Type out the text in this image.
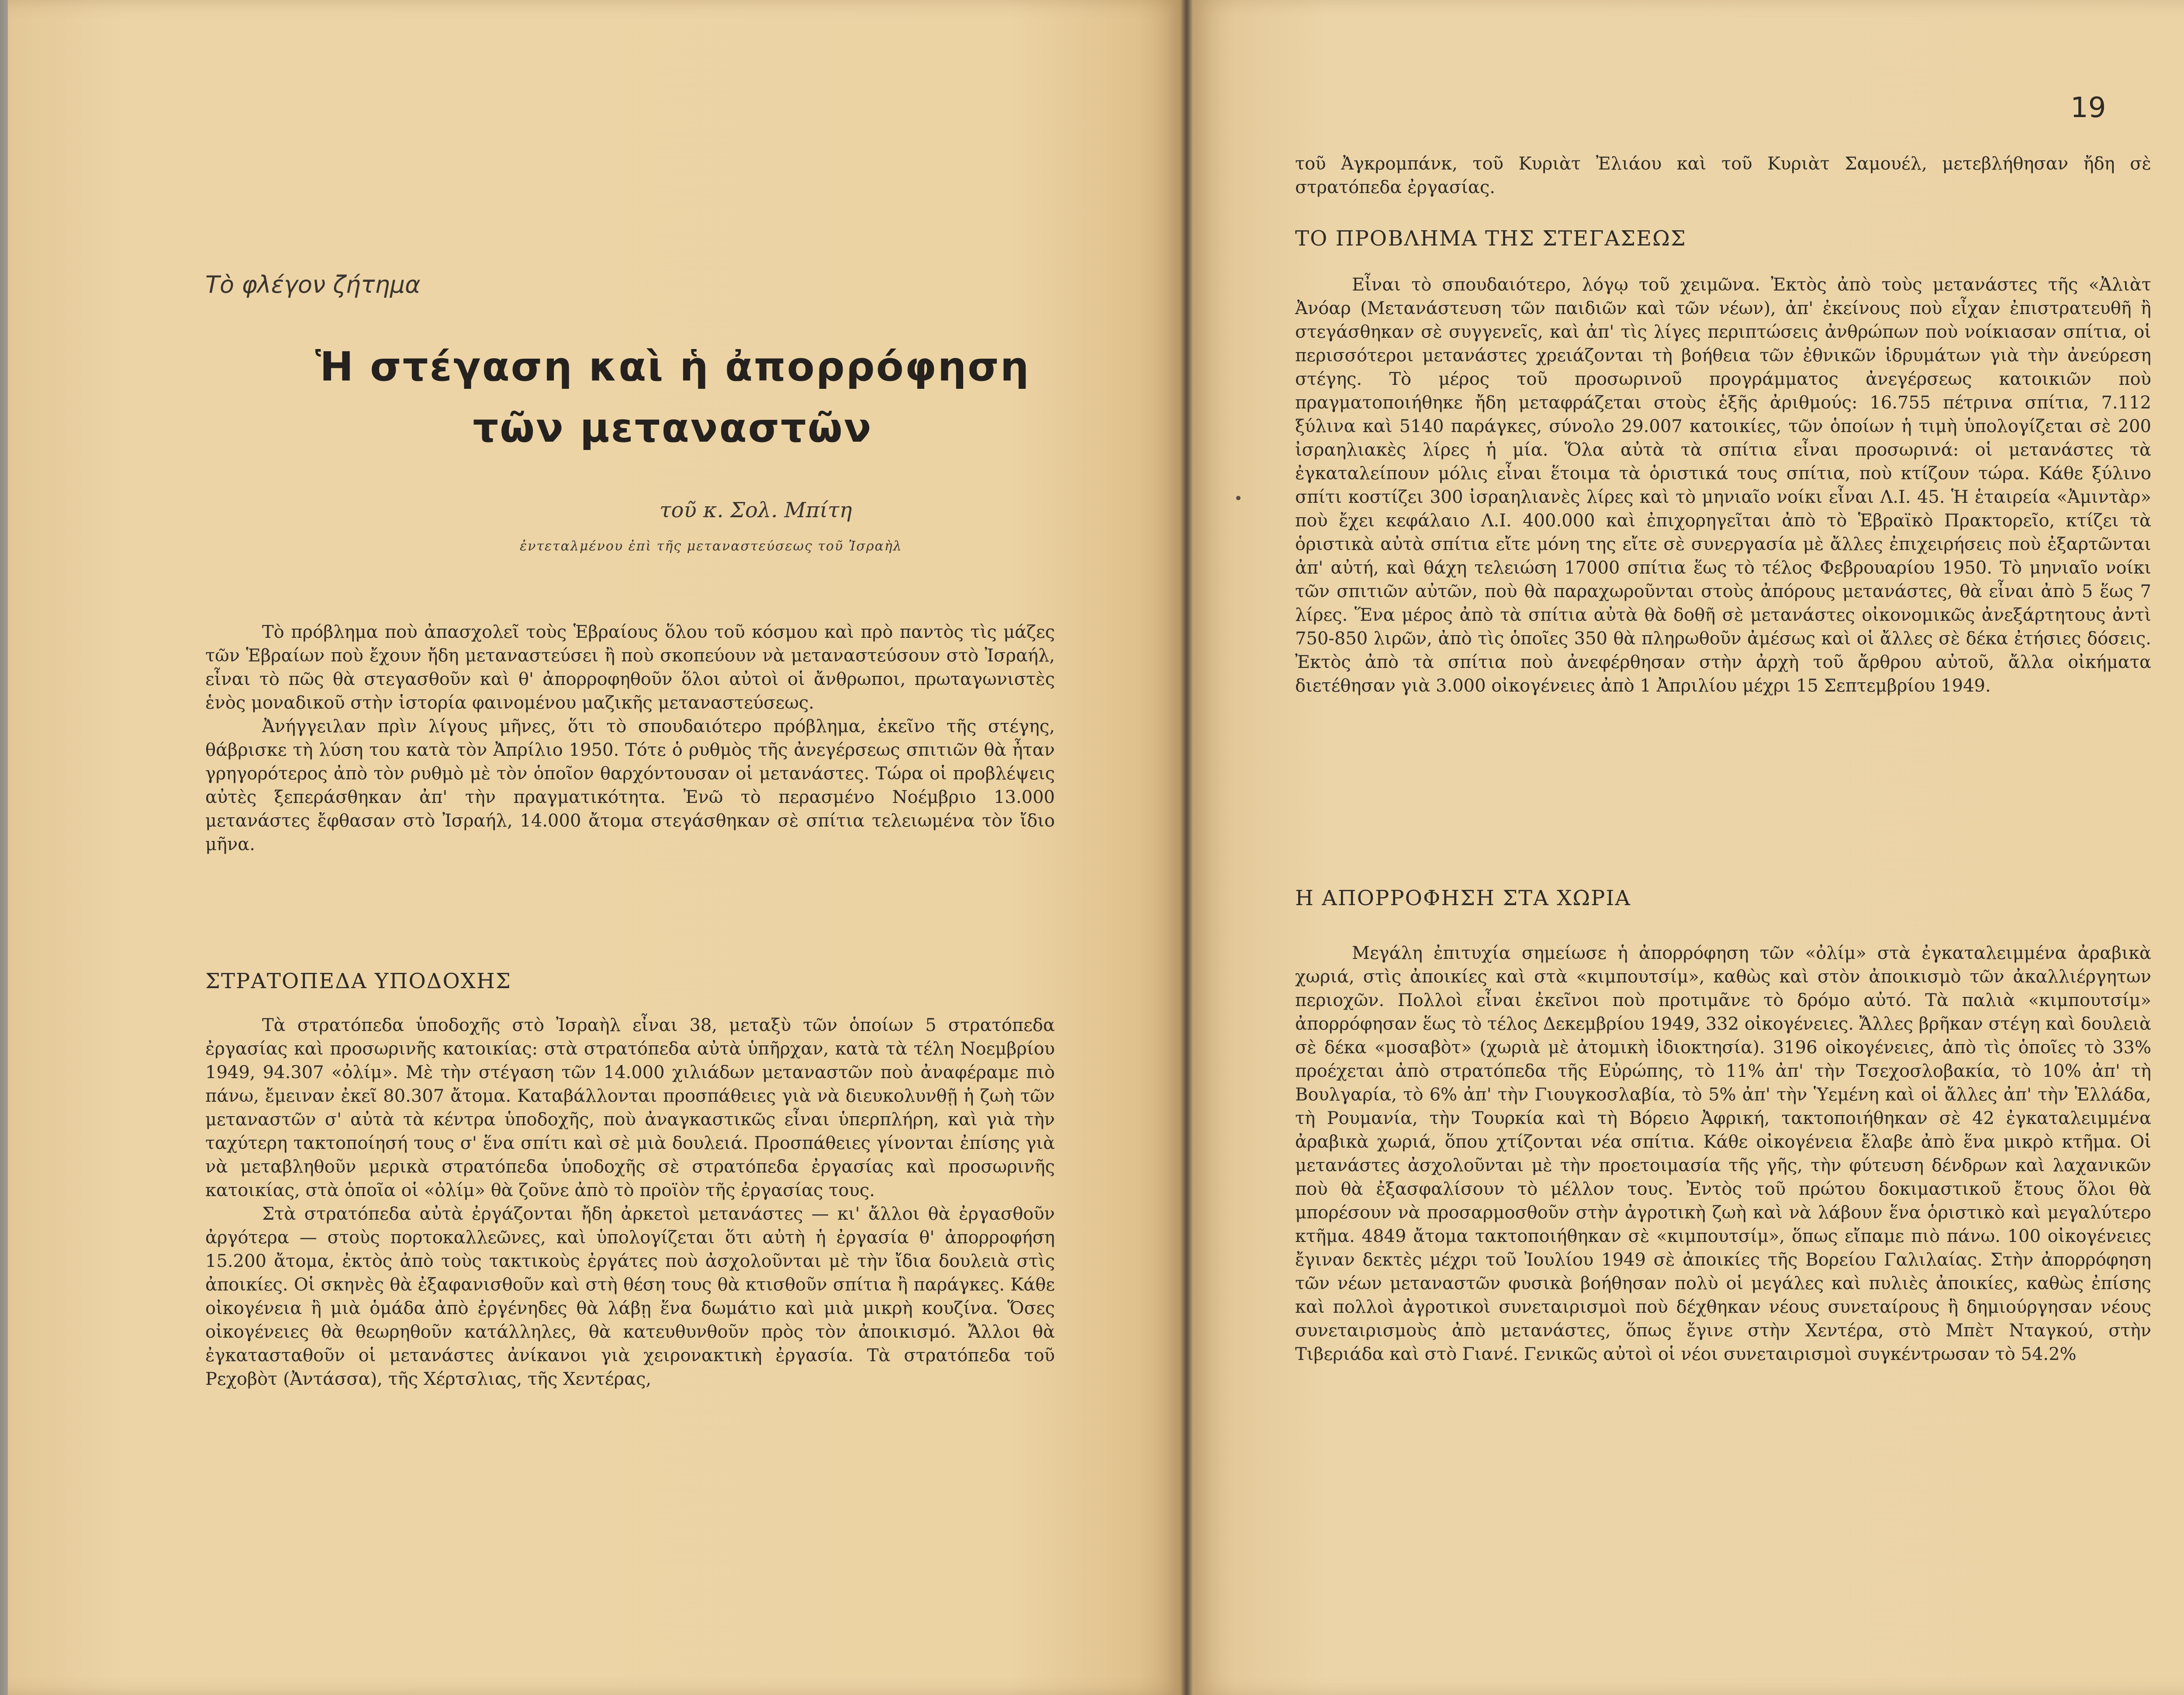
Τὸ φλέγον ζήτημα
Ἡ στέγαση καὶ ἡ ἀπορρόφηση
τῶν μεταναστῶν
τοῦ κ. Σολ. Μπίτη
ἐντεταλμένου ἐπὶ τῆς μεταναστεύσεως τοῦ Ἰσραὴλ

Τὸ πρόβλημα ποὺ ἀπασχολεῖ τοὺς Ἑβραίους ὅλου τοῦ κόσμου καὶ πρὸ παντὸς τὶς μάζες τῶν Ἑβραίων ποὺ ἔχουν ἤδη μεταναστεύσει ἢ ποὺ σκοπεύουν νὰ μεταναστεύσουν στὸ Ἰσραήλ, εἶναι τὸ πῶς θὰ στεγασθοῦν καὶ θ' ἀπορροφηθοῦν ὅλοι αὐτοὶ οἱ ἄνθρωποι, πρωταγωνιστὲς ἑνὸς μοναδικοῦ στὴν ἱστορία φαινομένου μαζικῆς μεταναστεύσεως.

Ἀνήγγειλαν πρὶν λίγους μῆνες, ὅτι τὸ σπουδαιότερο πρόβλημα, ἐκεῖνο τῆς στέγης, θάβρισκε τὴ λύση του κατὰ τὸν Ἀπρίλιο 1950. Τότε ὁ ρυθμὸς τῆς ἀνεγέρσεως σπιτιῶν θὰ ἦταν γρηγορότερος ἀπὸ τὸν ρυθμὸ μὲ τὸν ὁποῖον θαρχόντουσαν οἱ μετανάστες. Τώρα οἱ προβλέψεις αὐτὲς ξεπεράσθηκαν ἀπ' τὴν πραγματικότητα. Ἐνῶ τὸ περασμένο Νοέμβριο 13.000 μετανάστες ἔφθασαν στὸ Ἰσραήλ, 14.000 ἄτομα στεγάσθηκαν σὲ σπίτια τελειωμένα τὸν ἴδιο μῆνα.

ΣΤΡΑΤΟΠΕΔΑ ΥΠΟΔΟΧΗΣ

Τὰ στρατόπεδα ὑποδοχῆς στὸ Ἰσραὴλ εἶναι 38, μεταξὺ τῶν ὁποίων 5 στρατόπεδα ἐργασίας καὶ προσωρινῆς κατοικίας: στὰ στρατόπεδα αὐτὰ ὑπῆρχαν, κατὰ τὰ τέλη Νοεμβρίου 1949, 94.307 «ὀλίμ». Μὲ τὴν στέγαση τῶν 14.000 χιλιάδων μεταναστῶν ποὺ ἀναφέραμε πιὸ πάνω, ἔμειναν ἐκεῖ 80.307 ἄτομα. Καταβάλλονται προσπάθειες γιὰ νὰ διευκολυνθῇ ἡ ζωὴ τῶν μεταναστῶν σ' αὐτὰ τὰ κέντρα ὑποδοχῆς, ποὺ ἀναγκαστικῶς εἶναι ὑπερπλήρη, καὶ γιὰ τὴν ταχύτερη τακτοποίησή τους σ' ἕνα σπίτι καὶ σὲ μιὰ δουλειά. Προσπάθειες γίνονται ἐπίσης γιὰ νὰ μεταβληθοῦν μερικὰ στρατόπεδα ὑποδοχῆς σὲ στρατόπεδα ἐργασίας καὶ προσωρινῆς κατοικίας, στὰ ὁποῖα οἱ «ὀλίμ» θὰ ζοῦνε ἀπὸ τὸ προϊὸν τῆς ἐργασίας τους.

Στὰ στρατόπεδα αὐτὰ ἐργάζονται ἤδη ἀρκετοὶ μετανάστες — κι' ἄλλοι θὰ ἐργασθοῦν ἀργότερα — στοὺς πορτοκαλλεῶνες, καὶ ὑπολογίζεται ὅτι αὐτὴ ἡ ἐργασία θ' ἀπορροφήση 15.200 ἄτομα, ἐκτὸς ἀπὸ τοὺς τακτικοὺς ἐργάτες ποὺ ἀσχολοῦνται μὲ τὴν ἴδια δουλειὰ στὶς ἀποικίες. Οἱ σκηνὲς θὰ ἐξαφανισθοῦν καὶ στὴ θέση τους θὰ κτισθοῦν σπίτια ἢ παράγκες. Κάθε οἰκογένεια ἢ μιὰ ὁμάδα ἀπὸ ἐργένηδες θὰ λάβῃ ἕνα δωμάτιο καὶ μιὰ μικρὴ κουζίνα. Ὅσες οἰκογένειες θὰ θεωρηθοῦν κατάλληλες, θὰ κατευθυνθοῦν πρὸς τὸν ἀποικισμό. Ἄλλοι θὰ ἐγκατασταθοῦν οἱ μετανάστες ἀνίκανοι γιὰ χειρονακτικὴ ἐργασία. Τὰ στρατόπεδα τοῦ Ρεχοβὸτ (Ἀντάσσα), τῆς Χέρτσλιας, τῆς Χεντέρας,

19

τοῦ Ἀγκρομπάνκ, τοῦ Κυριὰτ Ἐλιάου καὶ τοῦ Κυριὰτ Σαμουέλ, μετεβλήθησαν ἤδη σὲ στρατόπεδα ἐργασίας.

ΤΟ ΠΡΟΒΛΗΜΑ ΤΗΣ ΣΤΕΓΑΣΕΩΣ

Εἶναι τὸ σπουδαιότερο, λόγῳ τοῦ χειμῶνα. Ἐκτὸς ἀπὸ τοὺς μετανάστες τῆς «Ἀλιὰτ Ἀνόαρ (Μετανάστευση τῶν παιδιῶν καὶ τῶν νέων), ἀπ' ἐκείνους ποὺ εἶχαν ἐπιστρατευθῆ ἢ στεγάσθηκαν σὲ συγγενεῖς, καὶ ἀπ' τὶς λίγες περιπτώσεις ἀνθρώπων ποὺ νοίκιασαν σπίτια, οἱ περισσότεροι μετανάστες χρειάζονται τὴ βοήθεια τῶν ἐθνικῶν ἱδρυμάτων γιὰ τὴν ἀνεύρεση στέγης. Τὸ μέρος τοῦ προσωρινοῦ προγράμματος ἀνεγέρσεως κατοικιῶν ποὺ πραγματοποιήθηκε ἤδη μεταφράζεται στοὺς ἑξῆς ἀριθμούς: 16.755 πέτρινα σπίτια, 7.112 ξύλινα καὶ 5140 παράγκες, σύνολο 29.007 κατοικίες, τῶν ὁποίων ἡ τιμὴ ὑπολογίζεται σὲ 200 ἰσραηλιακὲς λίρες ἡ μία. Ὅλα αὐτὰ τὰ σπίτια εἶναι προσωρινά: οἱ μετανάστες τὰ ἐγκαταλείπουν μόλις εἶναι ἕτοιμα τὰ ὁριστικά τους σπίτια, ποὺ κτίζουν τώρα. Κάθε ξύλινο σπίτι κοστίζει 300 ἰσραηλιανὲς λίρες καὶ τὸ μηνιαῖο νοίκι εἶναι Λ.Ι. 45. Ἡ ἑταιρεία «Ἀμιντὰρ» ποὺ ἔχει κεφάλαιο Λ.Ι. 400.000 καὶ ἐπιχορηγεῖται ἀπὸ τὸ Ἑβραϊκὸ Πρακτορεῖο, κτίζει τὰ ὁριστικὰ αὐτὰ σπίτια εἴτε μόνη της εἴτε σὲ συνεργασία μὲ ἄλλες ἐπιχειρήσεις ποὺ ἐξαρτῶνται ἀπ' αὐτή, καὶ θάχη τελειώση 17000 σπίτια ἕως τὸ τέλος Φεβρουαρίου 1950. Τὸ μηνιαῖο νοίκι τῶν σπιτιῶν αὐτῶν, ποὺ θὰ παραχωροῦνται στοὺς ἀπόρους μετανάστες, θὰ εἶναι ἀπὸ 5 ἕως 7 λίρες. Ἕνα μέρος ἀπὸ τὰ σπίτια αὐτὰ θὰ δοθῆ σὲ μετανάστες οἰκονομικῶς ἀνεξάρτητους ἀντὶ 750-850 λιρῶν, ἀπὸ τὶς ὁποῖες 350 θὰ πληρωθοῦν ἀμέσως καὶ οἱ ἄλλες σὲ δέκα ἐτήσιες δόσεις. Ἐκτὸς ἀπὸ τὰ σπίτια ποὺ ἀνεφέρθησαν στὴν ἀρχὴ τοῦ ἄρθρου αὐτοῦ, ἄλλα οἰκήματα διετέθησαν γιὰ 3.000 οἰκογένειες ἀπὸ 1 Ἀπριλίου μέχρι 15 Σεπτεμβρίου 1949.

Η ΑΠΟΡΡΟΦΗΣΗ ΣΤΑ ΧΩΡΙΑ

Μεγάλη ἐπιτυχία σημείωσε ἡ ἀπορρόφηση τῶν «ὀλίμ» στὰ ἐγκαταλειμμένα ἀραβικὰ χωριά, στὶς ἀποικίες καὶ στὰ «κιμπουτσίμ», καθὼς καὶ στὸν ἀποικισμὸ τῶν ἀκαλλιέργητων περιοχῶν. Πολλοὶ εἶναι ἐκεῖνοι ποὺ προτιμᾶνε τὸ δρόμο αὐτό. Τὰ παλιὰ «κιμπουτσίμ» ἀπορρόφησαν ἕως τὸ τέλος Δεκεμβρίου 1949, 332 οἰκογένειες. Ἄλλες βρῆκαν στέγη καὶ δουλειὰ σὲ δέκα «μοσαβὸτ» (χωριὰ μὲ ἀτομικὴ ἰδιοκτησία). 3196 οἰκογένειες, ἀπὸ τὶς ὁποῖες τὸ 33% προέχεται ἀπὸ στρατόπεδα τῆς Εὐρώπης, τὸ 11% ἀπ' τὴν Τσεχοσλοβακία, τὸ 10% ἀπ' τὴ Βουλγαρία, τὸ 6% ἀπ' τὴν Γιουγκοσλαβία, τὸ 5% ἀπ' τὴν Ὑεμένη καὶ οἱ ἄλλες ἀπ' τὴν Ἑλλάδα, τὴ Ρουμανία, τὴν Τουρκία καὶ τὴ Βόρειο Ἀφρική, τακτοποιήθηκαν σὲ 42 ἐγκαταλειμμένα ἀραβικὰ χωριά, ὅπου χτίζονται νέα σπίτια. Κάθε οἰκογένεια ἔλαβε ἀπὸ ἕνα μικρὸ κτῆμα. Οἱ μετανάστες ἀσχολοῦνται μὲ τὴν προετοιμασία τῆς γῆς, τὴν φύτευση δένδρων καὶ λαχανικῶν ποὺ θὰ ἐξασφαλίσουν τὸ μέλλον τους. Ἐντὸς τοῦ πρώτου δοκιμαστικοῦ ἔτους ὅλοι θὰ μπορέσουν νὰ προσαρμοσθοῦν στὴν ἀγροτικὴ ζωὴ καὶ νὰ λάβουν ἕνα ὁριστικὸ καὶ μεγαλύτερο κτῆμα. 4849 ἄτομα τακτοποιήθηκαν σὲ «κιμπουτσίμ», ὅπως εἴπαμε πιὸ πάνω. 100 οἰκογένειες ἔγιναν δεκτὲς μέχρι τοῦ Ἰουλίου 1949 σὲ ἀποικίες τῆς Βορείου Γαλιλαίας. Στὴν ἀπορρόφηση τῶν νέων μεταναστῶν φυσικὰ βοήθησαν πολὺ οἱ μεγάλες καὶ πυλιὲς ἀποικίες, καθὼς ἐπίσης καὶ πολλοὶ ἀγροτικοὶ συνεταιρισμοὶ ποὺ δέχθηκαν νέους συνεταίρους ἢ δημιούργησαν νέους συνεταιρισμοὺς ἀπὸ μετανάστες, ὅπως ἔγινε στὴν Χεντέρα, στὸ Μπὲτ Νταγκού, στὴν Τιβεριάδα καὶ στὸ Γιανέ. Γενικῶς αὐτοὶ οἱ νέοι συνεταιρισμοὶ συγκέντρωσαν τὸ 54.2%
